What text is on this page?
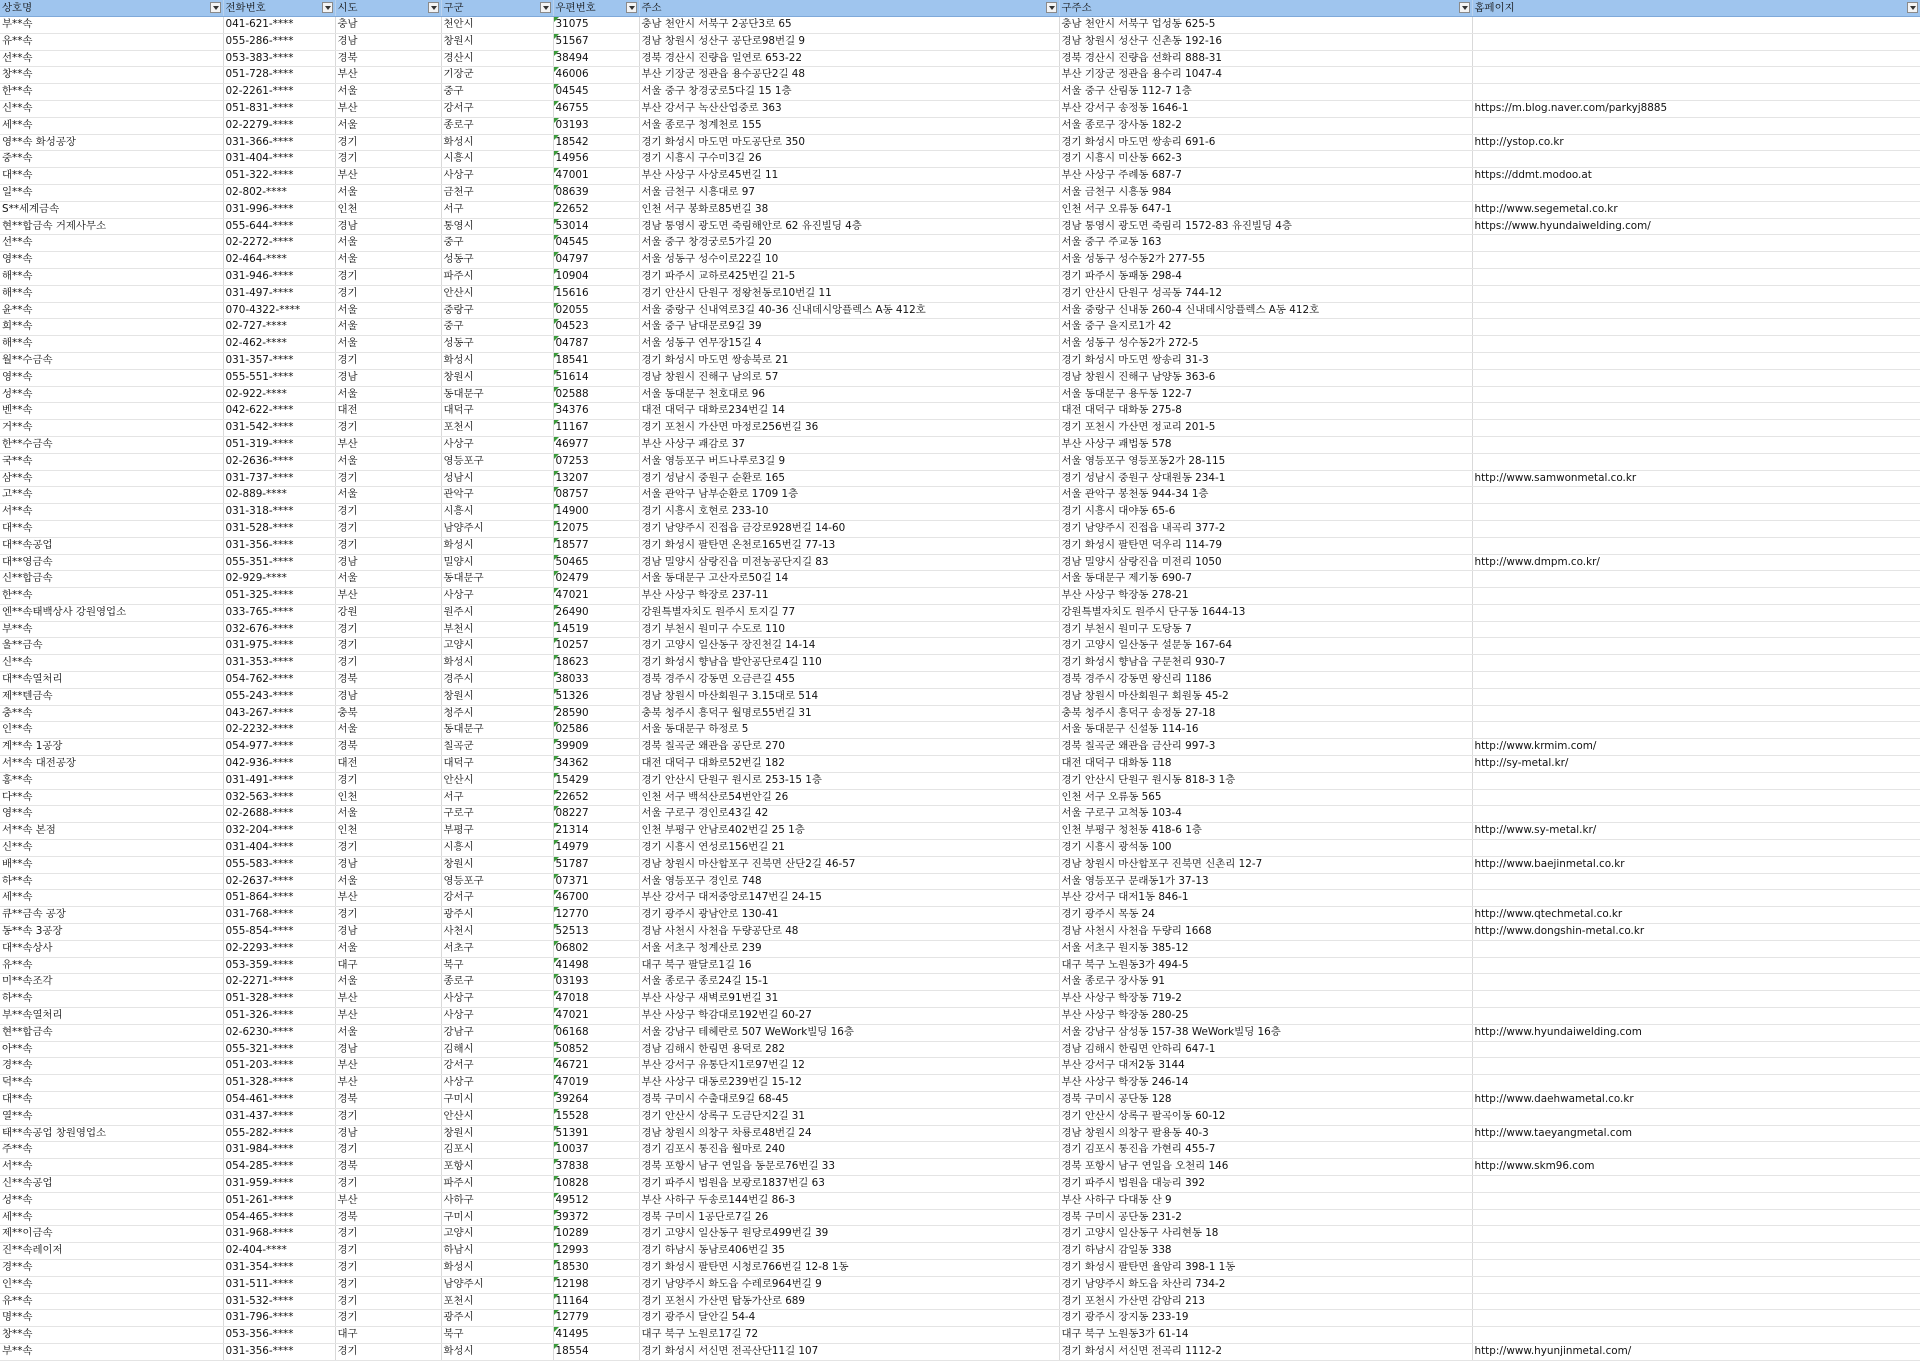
상호명	전화번호	시도	구군	우편번호	주소	구주소	홈페이지

부**속	041-621-****	충남	천안시	31075	충남 천안시 서북구 2공단3로 65	충남 천안시 서북구 업성동 625-5	
유**속	055-286-****	경남	창원시	51567	경남 창원시 성산구 공단로98번길 9	경남 창원시 성산구 신촌동 192-16	
선**속	053-383-****	경북	경산시	38494	경북 경산시 진량읍 일연로 653-22	경북 경산시 진량읍 선화리 888-31	
창**속	051-728-****	부산	기장군	46006	부산 기장군 정관읍 용수공단2길 48	부산 기장군 정관읍 용수리 1047-4	
한**속	02-2261-****	서울	중구	04545	서울 중구 창경궁로5다길 15 1층	서울 중구 산림동 112-7 1층	
신**속	051-831-****	부산	강서구	46755	부산 강서구 녹산산업중로 363	부산 강서구 송정동 1646-1	https://m.blog.naver.com/parkyj8885
세**속	02-2279-****	서울	종로구	03193	서울 종로구 청계천로 155	서울 종로구 장사동 182-2	
영**속 화성공장	031-366-****	경기	화성시	18542	경기 화성시 마도면 마도공단로 350	경기 화성시 마도면 쌍송리 691-6	http://ystop.co.kr
중**속	031-404-****	경기	시흥시	14956	경기 시흥시 구수미3길 26	경기 시흥시 미산동 662-3	
대**속	051-322-****	부산	사상구	47001	부산 사상구 사상로45번길 11	부산 사상구 주례동 687-7	https://ddmt.modoo.at
일**속	02-802-****	서울	금천구	08639	서울 금천구 시흥대로 97	서울 금천구 시흥동 984	
S**세계금속	031-996-****	인천	서구	22652	인천 서구 봉화로85번길 38	인천 서구 오류동 647-1	http://www.segemetal.co.kr
현**합금속 거제사무소	055-644-****	경남	통영시	53014	경남 통영시 광도면 죽림해안로 62 유진빌딩 4층	경남 통영시 광도면 죽림리 1572-83 유진빌딩 4층	https://www.hyundaiwelding.com/
선**속	02-2272-****	서울	중구	04545	서울 중구 창경궁로5가길 20	서울 중구 주교동 163	
영**속	02-464-****	서울	성동구	04797	서울 성동구 성수이로22길 10	서울 성동구 성수동2가 277-55	
해**속	031-946-****	경기	파주시	10904	경기 파주시 교하로425번길 21-5	경기 파주시 동패동 298-4	
해**속	031-497-****	경기	안산시	15616	경기 안산시 단원구 정왕천동로10번길 11	경기 안산시 단원구 성곡동 744-12	
윤**속	070-4322-****	서울	중랑구	02055	서울 중랑구 신내역로3길 40-36 신내데시앙플렉스 A동 412호	서울 중랑구 신내동 260-4 신내데시앙플렉스 A동 412호	
희**속	02-727-****	서울	중구	04523	서울 중구 남대문로9길 39	서울 중구 을지로1가 42	
해**속	02-462-****	서울	성동구	04787	서울 성동구 연무장15길 4	서울 성동구 성수동2가 272-5	
월**수금속	031-357-****	경기	화성시	18541	경기 화성시 마도면 쌍송북로 21	경기 화성시 마도면 쌍송리 31-3	
영**속	055-551-****	경남	창원시	51614	경남 창원시 진해구 남의로 57	경남 창원시 진해구 남양동 363-6	
성**속	02-922-****	서울	동대문구	02588	서울 동대문구 천호대로 96	서울 동대문구 용두동 122-7	
벤**속	042-622-****	대전	대덕구	34376	대전 대덕구 대화로234번길 14	대전 대덕구 대화동 275-8	
거**속	031-542-****	경기	포천시	11167	경기 포천시 가산면 마정로256번길 36	경기 포천시 가산면 정교리 201-5	
한**수금속	051-319-****	부산	사상구	46977	부산 사상구 괘감로 37	부산 사상구 괘법동 578	
국**속	02-2636-****	서울	영등포구	07253	서울 영등포구 버드나루로3길 9	서울 영등포구 영등포동2가 28-115	
삼**속	031-737-****	경기	성남시	13207	경기 성남시 중원구 순환로 165	경기 성남시 중원구 상대원동 234-1	http://www.samwonmetal.co.kr
고**속	02-889-****	서울	관악구	08757	서울 관악구 남부순환로 1709 1층	서울 관악구 봉천동 944-34 1층	
서**속	031-318-****	경기	시흥시	14900	경기 시흥시 호현로 233-10	경기 시흥시 대야동 65-6	
대**속	031-528-****	경기	남양주시	12075	경기 남양주시 진접읍 금강로928번길 14-60	경기 남양주시 진접읍 내곡리 377-2	
대**속공업	031-356-****	경기	화성시	18577	경기 화성시 팔탄면 온천로165번길 77-13	경기 화성시 팔탄면 덕우리 114-79	
대**영금속	055-351-****	경남	밀양시	50465	경남 밀양시 삼랑진읍 미전농공단지길 83	경남 밀양시 삼랑진읍 미전리 1050	http://www.dmpm.co.kr/
신**합금속	02-929-****	서울	동대문구	02479	서울 동대문구 고산자로50길 14	서울 동대문구 제기동 690-7	
한**속	051-325-****	부산	사상구	47021	부산 사상구 학장로 237-11	부산 사상구 학장동 278-21	
엔**속태백상사 강원영업소	033-765-****	강원	원주시	26490	강원특별자치도 원주시 토지길 77	강원특별자치도 원주시 단구동 1644-13	
부**속	032-676-****	경기	부천시	14519	경기 부천시 원미구 수도로 110	경기 부천시 원미구 도당동 7	
울**금속	031-975-****	경기	고양시	10257	경기 고양시 일산동구 장진천길 14-14	경기 고양시 일산동구 설문동 167-64	
신**속	031-353-****	경기	화성시	18623	경기 화성시 향남읍 발안공단로4길 110	경기 화성시 향남읍 구문천리 930-7	
대**속열처리	054-762-****	경북	경주시	38033	경북 경주시 강동면 오금큰길 455	경북 경주시 강동면 왕신리 1186	
제**텐금속	055-243-****	경남	창원시	51326	경남 창원시 마산회원구 3.15대로 514	경남 창원시 마산회원구 회원동 45-2	
충**속	043-267-****	충북	청주시	28590	충북 청주시 흥덕구 월명로55번길 31	충북 청주시 흥덕구 송정동 27-18	
인**속	02-2232-****	서울	동대문구	02586	서울 동대문구 하정로 5	서울 동대문구 신설동 114-16	
계**속 1공장	054-977-****	경북	칠곡군	39909	경북 칠곡군 왜관읍 공단로 270	경북 칠곡군 왜관읍 금산리 997-3	http://www.krmim.com/
서**속 대전공장	042-936-****	대전	대덕구	34362	대전 대덕구 대화로52번길 182	대전 대덕구 대화동 118	http://sy-metal.kr/
홍**속	031-491-****	경기	안산시	15429	경기 안산시 단원구 원시로 253-15 1층	경기 안산시 단원구 원시동 818-3 1층	
다**속	032-563-****	인천	서구	22652	인천 서구 백석산로54번안길 26	인천 서구 오류동 565	
영**속	02-2688-****	서울	구로구	08227	서울 구로구 경인로43길 42	서울 구로구 고척동 103-4	
서**속 본점	032-204-****	인천	부평구	21314	인천 부평구 안남로402번길 25 1층	인천 부평구 청천동 418-6 1층	http://www.sy-metal.kr/
신**속	031-404-****	경기	시흥시	14979	경기 시흥시 연성로156번길 21	경기 시흥시 광석동 100	
배**속	055-583-****	경남	창원시	51787	경남 창원시 마산합포구 진북면 산단2길 46-57	경남 창원시 마산합포구 진북면 신촌리 12-7	http://www.baejinmetal.co.kr
하**속	02-2637-****	서울	영등포구	07371	서울 영등포구 경인로 748	서울 영등포구 문래동1가 37-13	
세**속	051-864-****	부산	강서구	46700	부산 강서구 대저중앙로147번길 24-15	부산 강서구 대저1동 846-1	
큐**금속 공장	031-768-****	경기	광주시	12770	경기 광주시 광남안로 130-41	경기 광주시 목동 24	http://www.qtechmetal.co.kr
동**속 3공장	055-854-****	경남	사천시	52513	경남 사천시 사천읍 두량공단로 48	경남 사천시 사천읍 두량리 1668	http://www.dongshin-metal.co.kr
대**속상사	02-2293-****	서울	서초구	06802	서울 서초구 청계산로 239	서울 서초구 원지동 385-12	
유**속	053-359-****	대구	북구	41498	대구 북구 팔달로1길 16	대구 북구 노원동3가 494-5	
미**속조각	02-2271-****	서울	종로구	03193	서울 종로구 종로24길 15-1	서울 종로구 장사동 91	
하**속	051-328-****	부산	사상구	47018	부산 사상구 새벽로91번길 31	부산 사상구 학장동 719-2	
부**속열처리	051-326-****	부산	사상구	47021	부산 사상구 학감대로192번길 60-27	부산 사상구 학장동 280-25	
현**합금속	02-6230-****	서울	강남구	06168	서울 강남구 테헤란로 507 WeWork빌딩 16층	서울 강남구 삼성동 157-38 WeWork빌딩 16층	http://www.hyundaiwelding.com
아**속	055-321-****	경남	김해시	50852	경남 김해시 한림면 용덕로 282	경남 김해시 한림면 안하리 647-1	
경**속	051-203-****	부산	강서구	46721	부산 강서구 유통단지1로97번길 12	부산 강서구 대저2동 3144	
덕**속	051-328-****	부산	사상구	47019	부산 사상구 대동로239번길 15-12	부산 사상구 학장동 246-14	
대**속	054-461-****	경북	구미시	39264	경북 구미시 수출대로9길 68-45	경북 구미시 공단동 128	http://www.daehwametal.co.kr
열**속	031-437-****	경기	안산시	15528	경기 안산시 상록구 도금단지2길 31	경기 안산시 상록구 팔곡이동 60-12	
태**속공업 창원영업소	055-282-****	경남	창원시	51391	경남 창원시 의창구 차룡로48번길 24	경남 창원시 의창구 팔용동 40-3	http://www.taeyangmetal.com
주**속	031-984-****	경기	김포시	10037	경기 김포시 통진읍 월마로 240	경기 김포시 통진읍 가현리 455-7	
서**속	054-285-****	경북	포항시	37838	경북 포항시 남구 연일읍 동문로76번길 33	경북 포항시 남구 연일읍 오천리 146	http://www.skm96.com
신**속공업	031-959-****	경기	파주시	10828	경기 파주시 법원읍 보광로1837번길 63	경기 파주시 법원읍 대능리 392	
성**속	051-261-****	부산	사하구	49512	부산 사하구 두송로144번길 86-3	부산 사하구 다대동 산 9	
세**속	054-465-****	경북	구미시	39372	경북 구미시 1공단로7길 26	경북 구미시 공단동 231-2	
제**이금속	031-968-****	경기	고양시	10289	경기 고양시 일산동구 원당로499번길 39	경기 고양시 일산동구 사리현동 18	
진**속레이저	02-404-****	경기	하남시	12993	경기 하남시 동남로406번길 35	경기 하남시 감일동 338	
경**속	031-354-****	경기	화성시	18530	경기 화성시 팔탄면 시청로766번길 12-8 1동	경기 화성시 팔탄면 율암리 398-1 1동	
인**속	031-511-****	경기	남양주시	12198	경기 남양주시 화도읍 수레로964번길 9	경기 남양주시 화도읍 차산리 734-2	
유**속	031-532-****	경기	포천시	11164	경기 포천시 가산면 탑동가산로 689	경기 포천시 가산면 감암리 213	
명**속	031-796-****	경기	광주시	12779	경기 광주시 달안길 54-4	경기 광주시 장지동 233-19	
창**속	053-356-****	대구	북구	41495	대구 북구 노원로17길 72	대구 북구 노원동3가 61-14	
부**속	031-356-****	경기	화성시	18554	경기 화성시 서신면 전곡산단11길 107	경기 화성시 서신면 전곡리 1112-2	http://www.hyunjinmetal.com/
